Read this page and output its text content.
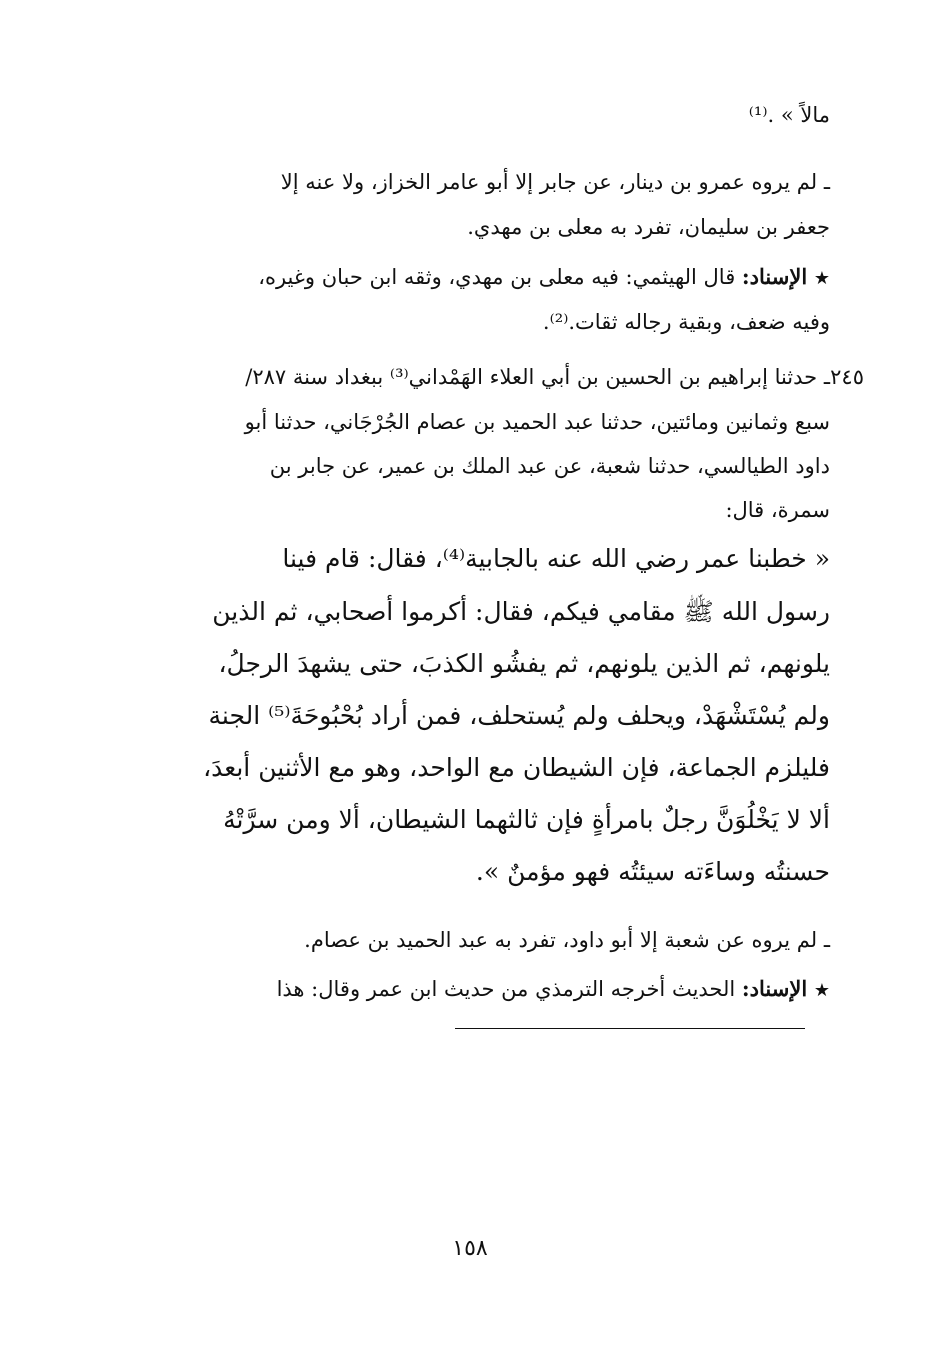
مالاً » .⁽¹⁾
ـ لم يروه عمرو بن دينار، عن جابر إلا أبو عامر الخزاز، ولا عنه إلا
جعفر بن سليمان، تفرد به معلى بن مهدي.
★ الإسناد: قال الهيثمي: فيه معلى بن مهدي، وثقه ابن حبان وغيره،
وفيه ضعف، وبقية رجاله ثقات.⁽²⁾.
٢٤٥
ـ حدثنا إبراهيم بن الحسين بن أبي العلاء الهَمْداني⁽³⁾ ببغداد سنة ٢٨٧/
سبع وثمانين ومائتين، حدثنا عبد الحميد بن عصام الجُرْجَاني، حدثنا أبو
داود الطيالسي، حدثنا شعبة، عن عبد الملك بن عمير، عن جابر بن
سمرة، قال:
« خطبنا عمر رضي الله عنه بالجابية⁽⁴⁾، فقال: قام فينا
رسول الله ﷺ مقامي فيكم، فقال: أكرموا أصحابي، ثم الذين
يلونهم، ثم الذين يلونهم، ثم يفشُو الكذبَ، حتى يشهدَ الرجلُ،
ولم يُسْتَشْهَدْ، ويحلف ولم يُستحلف، فمن أراد بُحْبُوحَةَ⁽⁵⁾ الجنة
فليلزم الجماعة، فإن الشيطان مع الواحد، وهو مع الأثنين أبعدَ،
ألا لا يَخْلُوَنَّ رجلٌ بامرأةٍ فإن ثالثهما الشيطان، ألا ومن سرَّتْهُ
حسنتُه وساءَته سيئتُه فهو مؤمنٌ ».
ـ لم يروه عن شعبة إلا أبو داود، تفرد به عبد الحميد بن عصام.
★ الإسناد: الحديث أخرجه الترمذي من حديث ابن عمر وقال: هذا
١٥٨
